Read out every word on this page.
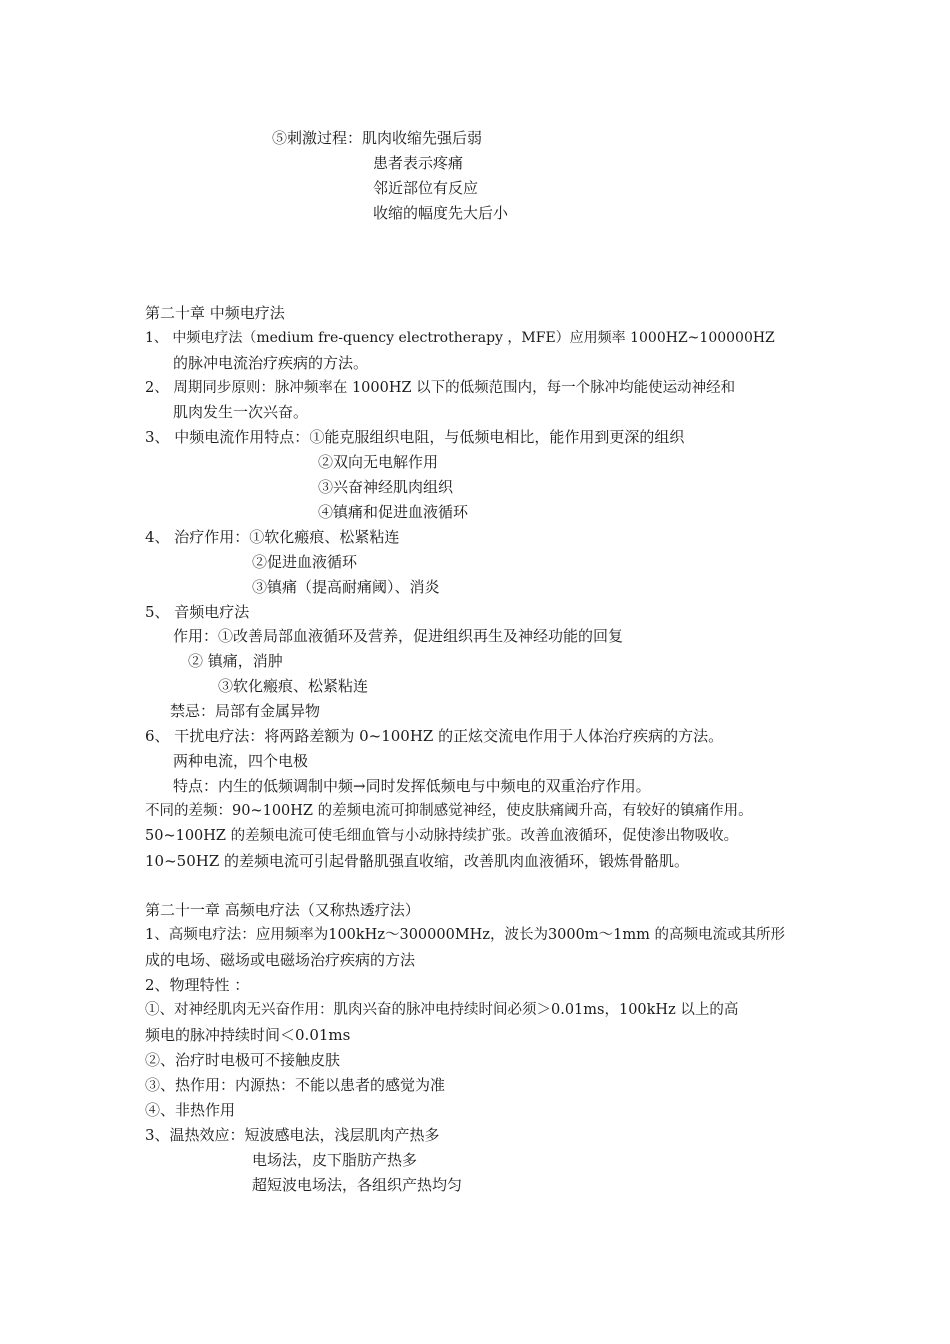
⑤刺激过程：肌肉收缩先强后弱
患者表示疼痛
邻近部位有反应
收缩的幅度先大后小
第二十章 中频电疗法
1、 中频电疗法（medium fre-quency electrotherapy ，MFE）应用频率 1000HZ~100000HZ
的脉冲电流治疗疾病的方法。
2、 周期同步原则：脉冲频率在 1000HZ 以下的低频范围内，每一个脉冲均能使运动神经和
肌肉发生一次兴奋。
3、 中频电流作用特点：①能克服组织电阻，与低频电相比，能作用到更深的组织
②双向无电解作用
③兴奋神经肌肉组织
④镇痛和促进血液循环
4、 治疗作用：①软化瘢痕、松紧粘连
②促进血液循环
③镇痛（提高耐痛阈）、消炎
5、 音频电疗法
作用：①改善局部血液循环及营养，促进组织再生及神经功能的回复
② 镇痛，消肿
③软化瘢痕、松紧粘连
禁忌：局部有金属异物
6、 干扰电疗法：将两路差额为 0~100HZ 的正炫交流电作用于人体治疗疾病的方法。
两种电流，四个电极
特点：内生的低频调制中频→同时发挥低频电与中频电的双重治疗作用。
不同的差频：90~100HZ 的差频电流可抑制感觉神经，使皮肤痛阈升高，有较好的镇痛作用。
50~100HZ 的差频电流可使毛细血管与小动脉持续扩张。改善血液循环，促使渗出物吸收。
10~50HZ 的差频电流可引起骨骼肌强直收缩，改善肌肉血液循环，锻炼骨骼肌。
第二十一章 高频电疗法（又称热透疗法）
1、高频电疗法：应用频率为100kHz～300000MHz，波长为3000m～1mm 的高频电流或其所形
成的电场、磁场或电磁场治疗疾病的方法
2、物理特性 ：
①、对神经肌肉无兴奋作用：肌肉兴奋的脉冲电持续时间必须＞0.01ms，100kHz 以上的高
频电的脉冲持续时间＜0.01ms
②、治疗时电极可不接触皮肤
③、热作用：内源热：不能以患者的感觉为准
④、非热作用
3、温热效应：短波感电法，浅层肌肉产热多
电场法，皮下脂肪产热多
超短波电场法，各组织产热均匀
